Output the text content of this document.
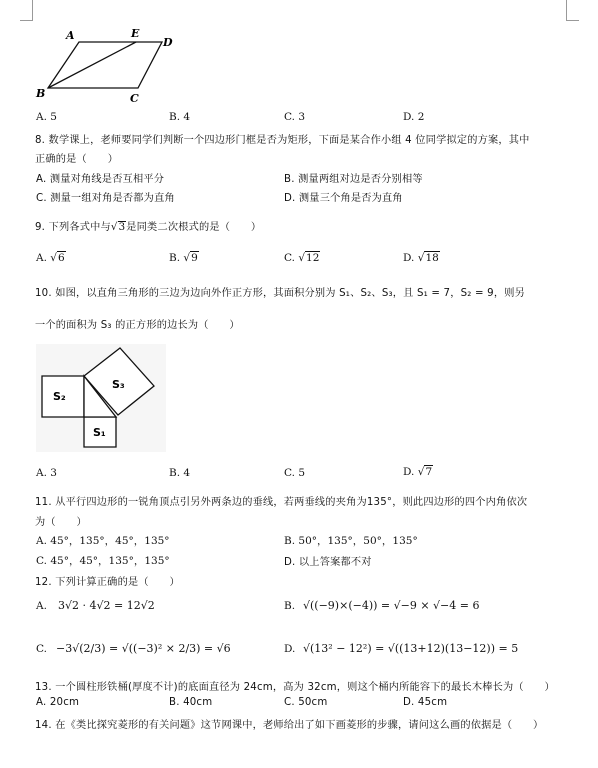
A	E
D
B	C
A. 5	B. 4	C. 3	D. 2
8. 数学课上，老师要同学们判断一个四边形门框是否为矩形，下面是某合作小组 4 位同学拟定的方案，其中
正确的是（　　）
A. 测量对角线是否互相平分	B. 测量两组对边是否分别相等
C. 测量一组对角是否都为直角	D. 测量三个角是否为直角
9. 下列各式中与√3是同类二次根式的是（　　）
A. √6	B. √9	C. √12	D. √18
10. 如图，以直角三角形的三边为边向外作正方形，其面积分别为 S₁、S₂、S₃，且 S₁ = 7，S₂ = 9，则另
一个的面积为 S₃ 的正方形的边长为（　　）
S₂
S₃
S₁
A. 3	B. 4	C. 5	D. √7
11. 从平行四边形的一锐角顶点引另外两条边的垂线，若两垂线的夹角为135°，则此四边形的四个内角依次
为（　　）
A. 45°，135°，45°，135°	B. 50°，135°，50°，135°
C. 45°，45°，135°，135°	D. 以上答案都不对
12. 下列计算正确的是（　　）
A. 3√2 · 4√2 = 12√2	B. √((−9)×(−4)) = √−9 × √−4 = 6
C. −3√(2/3) = √((−3)² × 2/3) = √6	D. √(13² − 12²) = √((13+12)(13−12)) = 5
13. 一个圆柱形铁桶(厚度不计)的底面直径为 24cm，高为 32cm，则这个桶内所能容下的最长木棒长为（　　）
A. 20cm	B. 40cm	C. 50cm	D. 45cm
14. 在《类比探究菱形的有关问题》这节网课中，老师给出了如下画菱形的步骤，请问这么画的依据是（　　）
